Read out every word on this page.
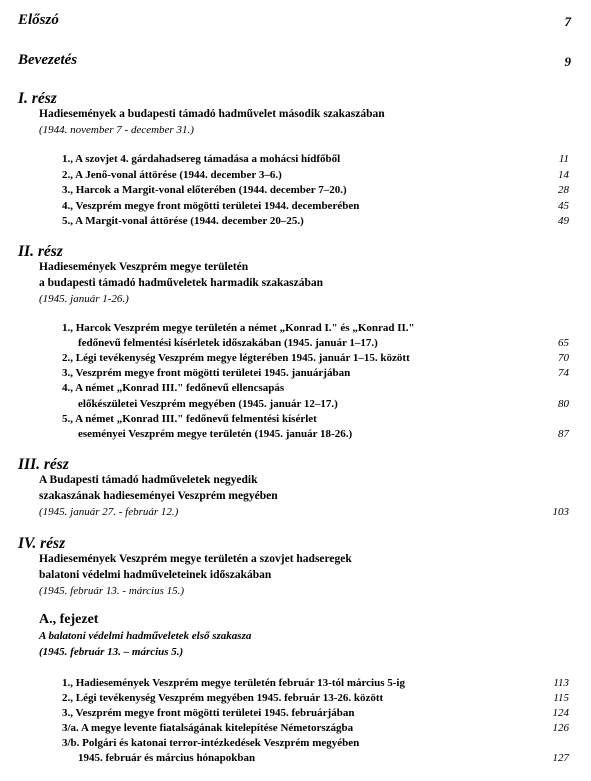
Előszó	7
Bevezetés	9
I. rész
Hadiesemények a budapesti támadó hadművelet második szakaszában
(1944. november 7 - december 31.)
1., A szovjet 4. gárdahadsereg támadása a mohácsi hídfőből	11
2., A Jenő-vonal áttörése (1944. december 3–6.)	14
3., Harcok a Margit-vonal előterében (1944. december 7–20.)	28
4., Veszprém megye front mögötti területei 1944. decemberében	45
5., A Margit-vonal áttörése (1944. december 20–25.)	49
II. rész
Hadiesemények Veszprém megye területén
a budapesti támadó hadműveletek harmadik szakaszában
(1945. január 1-26.)
1., Harcok Veszprém megye területén a német „Konrad I." és „Konrad II."
fedőnevű felmentési kísérletek időszakában (1945. január 1–17.)	65
2., Légi tevékenység Veszprém megye légterében 1945. január 1–15. között	70
3., Veszprém megye front mögötti területei 1945. januárjában	74
4., A német „Konrad III." fedőnevű ellencsapás
előkészületei Veszprém megyében (1945. január 12–17.)	80
5., A német „Konrad III." fedőnevű felmentési kísérlet
eseményei Veszprém megye területén (1945. január 18-26.)	87
III. rész
A Budapesti támadó hadműveletek negyedik
szakaszának hadieseményei Veszprém megyében
(1945. január 27. - február 12.)	103
IV. rész
Hadiesemények Veszprém megye területén a szovjet hadseregek
balatoni védelmi hadműveleteinek időszakában
(1945. február 13. - március 15.)
A., fejezet
A balatoni védelmi hadműveletek első szakasza
(1945. február 13. – március 5.)
1., Hadiesemények Veszprém megye területén február 13-tól március 5-ig	113
2., Légi tevékenység Veszprém megyében 1945. február 13-26. között	115
3., Veszprém megye front mögötti területei 1945. februárjában	124
3/a. A megye levente fiatalságának kitelepítése Németországba	126
3/b. Polgári és katonai terror-intézkedések Veszprém megyében
1945. február és március hónapokban	127
